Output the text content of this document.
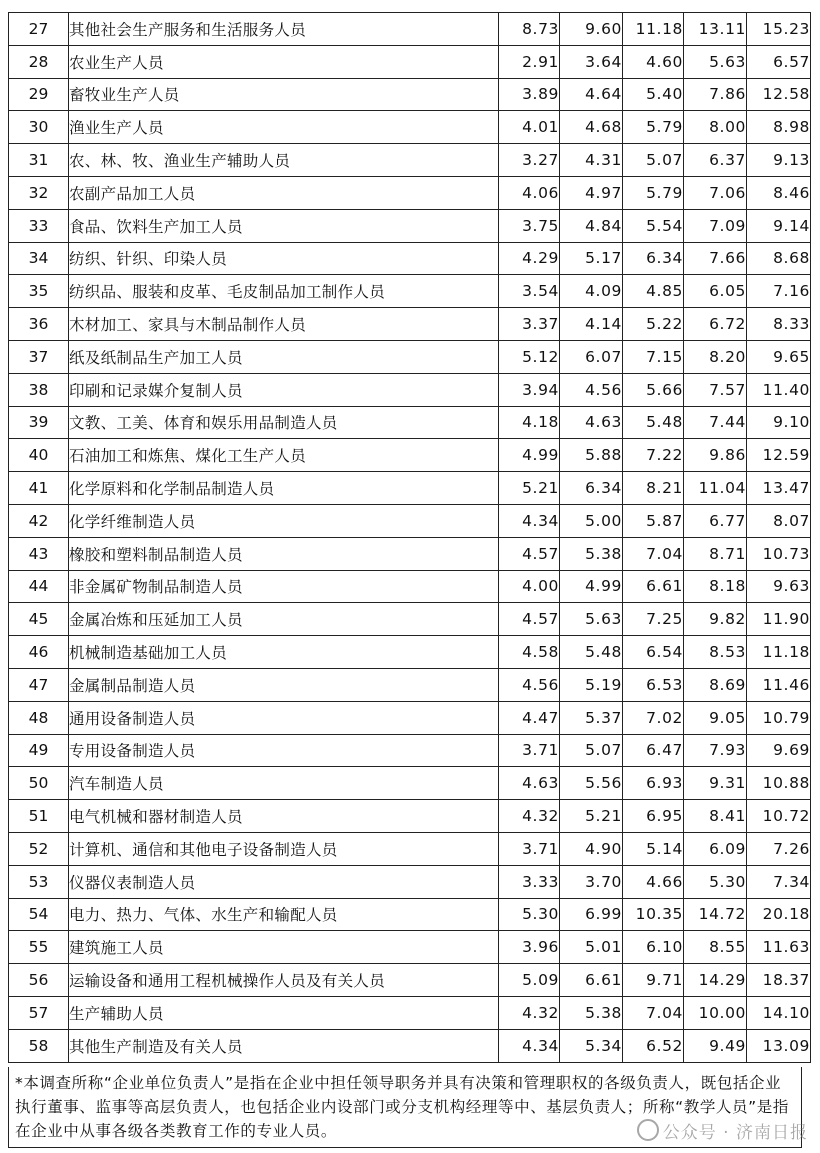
27	其他社会生产服务和生活服务人员	8.73	9.60	11.18	13.11	15.23
28	农业生产人员	2.91	3.64	4.60	5.63	6.57
29	畜牧业生产人员	3.89	4.64	5.40	7.86	12.58
30	渔业生产人员	4.01	4.68	5.79	8.00	8.98
31	农、林、牧、渔业生产辅助人员	3.27	4.31	5.07	6.37	9.13
32	农副产品加工人员	4.06	4.97	5.79	7.06	8.46
33	食品、饮料生产加工人员	3.75	4.84	5.54	7.09	9.14
34	纺织、针织、印染人员	4.29	5.17	6.34	7.66	8.68
35	纺织品、服装和皮革、毛皮制品加工制作人员	3.54	4.09	4.85	6.05	7.16
36	木材加工、家具与木制品制作人员	3.37	4.14	5.22	6.72	8.33
37	纸及纸制品生产加工人员	5.12	6.07	7.15	8.20	9.65
38	印刷和记录媒介复制人员	3.94	4.56	5.66	7.57	11.40
39	文教、工美、体育和娱乐用品制造人员	4.18	4.63	5.48	7.44	9.10
40	石油加工和炼焦、煤化工生产人员	4.99	5.88	7.22	9.86	12.59
41	化学原料和化学制品制造人员	5.21	6.34	8.21	11.04	13.47
42	化学纤维制造人员	4.34	5.00	5.87	6.77	8.07
43	橡胶和塑料制品制造人员	4.57	5.38	7.04	8.71	10.73
44	非金属矿物制品制造人员	4.00	4.99	6.61	8.18	9.63
45	金属冶炼和压延加工人员	4.57	5.63	7.25	9.82	11.90
46	机械制造基础加工人员	4.58	5.48	6.54	8.53	11.18
47	金属制品制造人员	4.56	5.19	6.53	8.69	11.46
48	通用设备制造人员	4.47	5.37	7.02	9.05	10.79
49	专用设备制造人员	3.71	5.07	6.47	7.93	9.69
50	汽车制造人员	4.63	5.56	6.93	9.31	10.88
51	电气机械和器材制造人员	4.32	5.21	6.95	8.41	10.72
52	计算机、通信和其他电子设备制造人员	3.71	4.90	5.14	6.09	7.26
53	仪器仪表制造人员	3.33	3.70	4.66	5.30	7.34
54	电力、热力、气体、水生产和输配人员	5.30	6.99	10.35	14.72	20.18
55	建筑施工人员	3.96	5.01	6.10	8.55	11.63
56	运输设备和通用工程机械操作人员及有关人员	5.09	6.61	9.71	14.29	18.37
57	生产辅助人员	4.32	5.38	7.04	10.00	14.10
58	其他生产制造及有关人员	4.34	5.34	6.52	9.49	13.09
*本调查所称“企业单位负责人”是指在企业中担任领导职务并具有决策和管理职权的各级负责人，既包括企业执行董事、监事等高层负责人，也包括企业内设部门或分支机构经理等中、基层负责人；所称“教学人员”是指在企业中从事各级各类教育工作的专业人员。	公众号 · 济南日报
